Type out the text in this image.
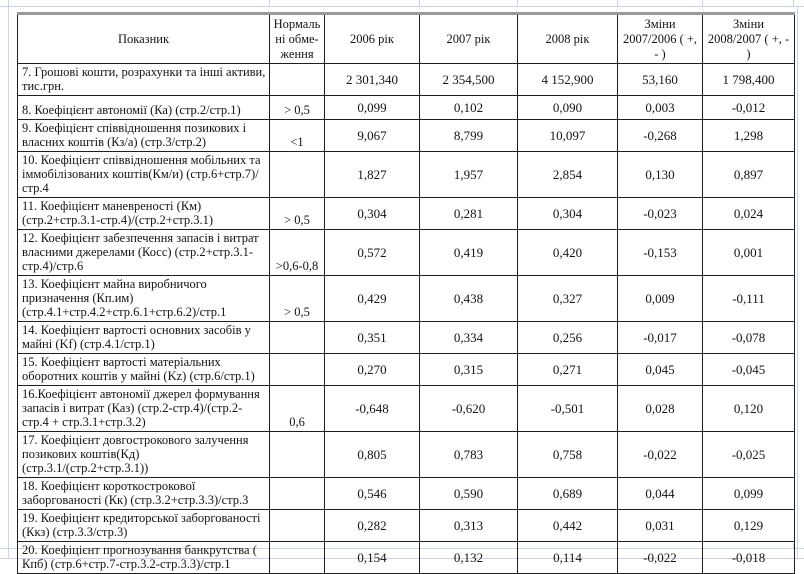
Показник	Нормальні обме-ження	2006 рік	2007 рік	2008 рік	Зміни 2007/2006 ( +, - )	Зміни 2008/2007 ( +, - )
7. Грошові кошти, розрахунки та інші активи, тис.грн.		2 301,340	2 354,500	4 152,900	53,160	1 798,400
8. Коефіцієнт автономії (Ка) (стр.2/стр.1)	> 0,5	0,099	0,102	0,090	0,003	-0,012
9. Коефіцієнт співвідношення позикових і власних коштів (Кз/а) (стр.3/стр.2)	<1	9,067	8,799	10,097	-0,268	1,298
10. Коефіцієнт співвідношення мобільних та іммобілізованих коштів(Км/и) (стр.6+стр.7)/стр.4		1,827	1,957	2,854	0,130	0,897
11. Коефіцієнт маневреності (Км) (стр.2+стр.3.1-стр.4)/(стр.2+стр.3.1)	> 0,5	0,304	0,281	0,304	-0,023	0,024
12. Коефіцієнт забезпечення запасів і витрат власними джерелами (Косс) (стр.2+стр.3.1-стр.4)/стр.6	>0,6-0,8	0,572	0,419	0,420	-0,153	0,001
13. Коефіцієнт майна виробничого призначення (Кп.им) (стр.4.1+стр.4.2+стр.6.1+стр.6.2)/стр.1	> 0,5	0,429	0,438	0,327	0,009	-0,111
14. Коефіцієнт вартості основних засобів у майні (Kf) (стр.4.1/стр.1)		0,351	0,334	0,256	-0,017	-0,078
15. Коефіцієнт вартості матеріальних оборотних коштів у майні (Kz) (стр.6/стр.1)		0,270	0,315	0,271	0,045	-0,045
16.Коефіцієнт автономії джерел формування запасів і витрат (Каз) (стр.2-стр.4)/(стр.2-стр.4 + стр.3.1+стр.3.2)	0,6	-0,648	-0,620	-0,501	0,028	0,120
17. Коефіцієнт довгострокового залучення позикових коштів(Кд) (стр.3.1/(стр.2+стр.3.1))		0,805	0,783	0,758	-0,022	-0,025
18. Коефіцієнт короткострокової заборгованості (Кк) (стр.3.2+стр.3.3)/стр.3		0,546	0,590	0,689	0,044	0,099
19. Коефіцієнт кредиторської заборгованості (Ккз) (стр.3.3/стр.3)		0,282	0,313	0,442	0,031	0,129
20. Коефіцієнт прогнозування банкрутства ( Кпб) (стр.6+стр.7-стр.3.2-стр.3.3)/стр.1		0,154	0,132	0,114	-0,022	-0,018
